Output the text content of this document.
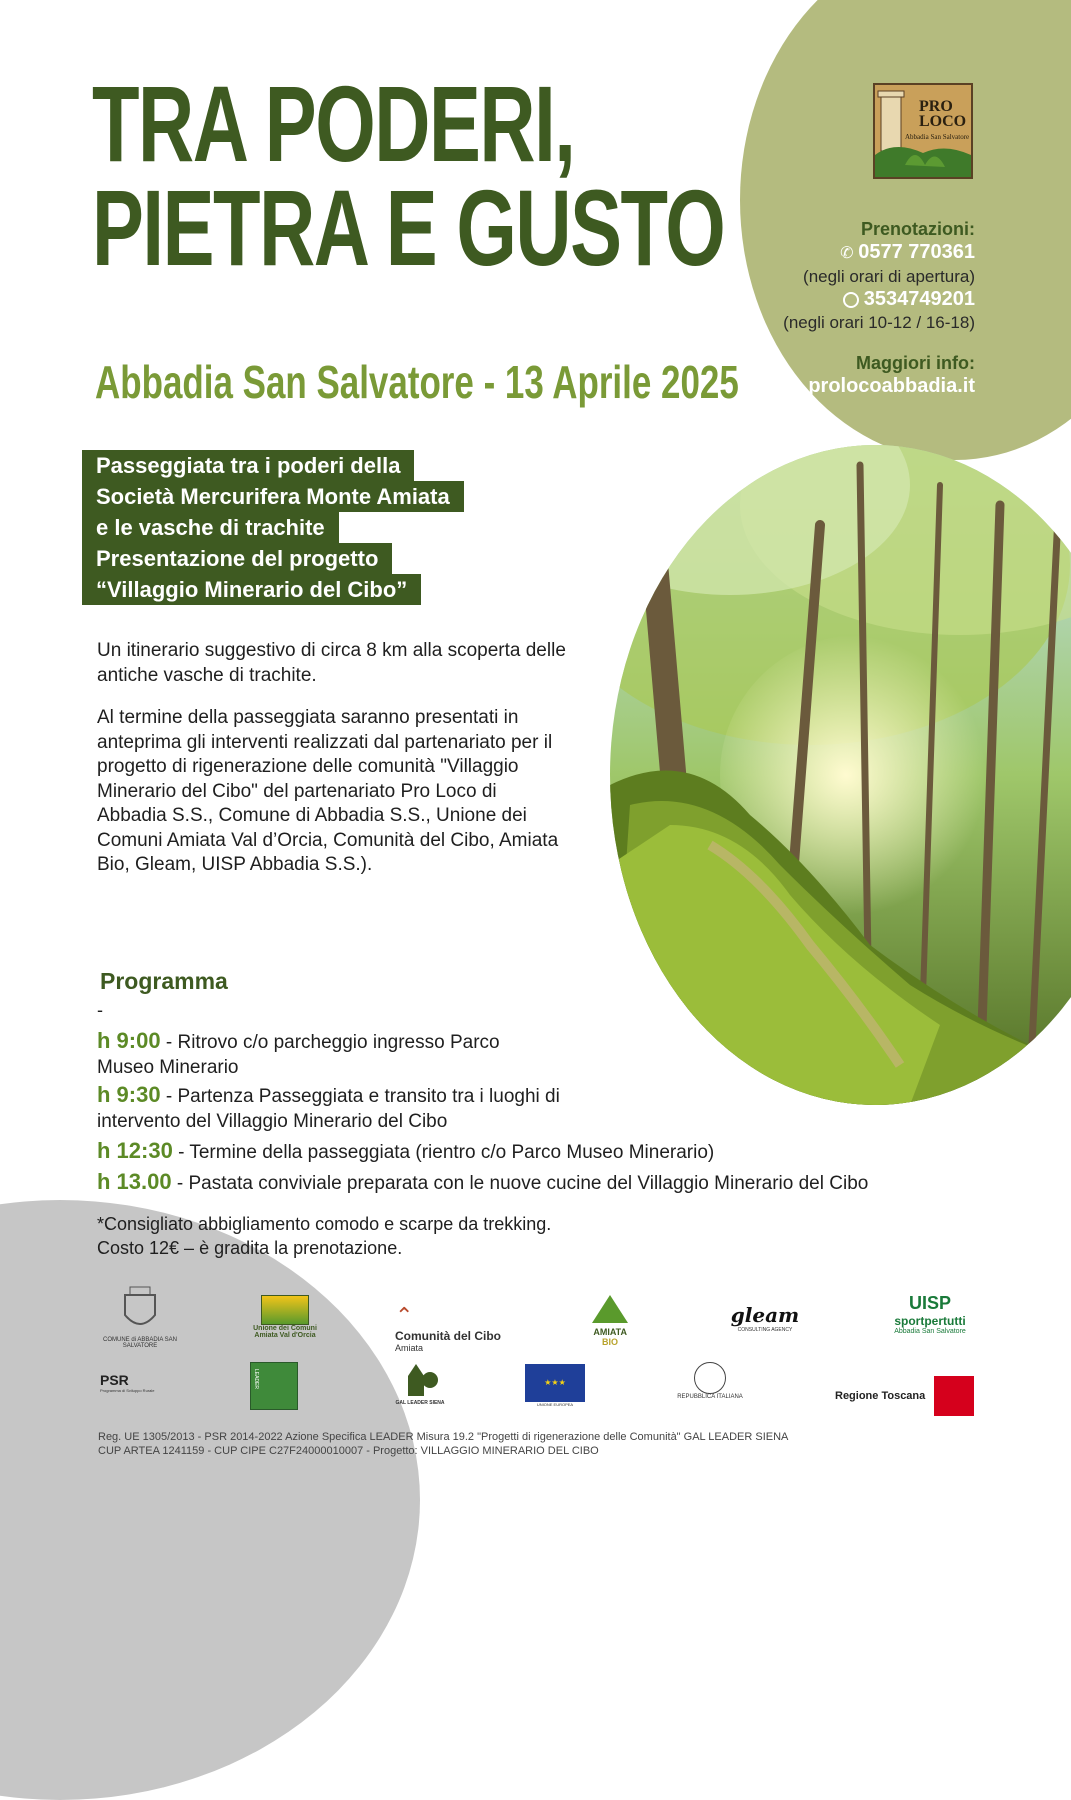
TRA PODERI,
PIETRA E GUSTO
Abbadia San Salvatore - 13 Aprile 2025
PRO
LOCO
Abbadia San Salvatore
Prenotazioni:
✆ 0577 770361
(negli orari di apertura)
3534749201
(negli orari 10-12 / 16-18)
Maggiori info:
prolocoabbadia.it
Passeggiata tra i poderi della
Società Mercurifera Monte Amiata
e le vasche di trachite
Presentazione del progetto
“Villaggio Minerario del Cibo”
Un itinerario suggestivo di circa 8 km alla scoperta delle antiche vasche di trachite.
Al termine della passeggiata saranno presentati in anteprima gli interventi realizzati dal partenariato per il progetto di rigenerazione delle comunità "Villaggio Minerario del Cibo" del partenariato Pro Loco di Abbadia S.S., Comune di Abbadia S.S., Unione dei Comuni Amiata Val d’Orcia, Comunità del Cibo, Amiata Bio, Gleam, UISP Abbadia S.S.).
Programma
-
h 9:00 - Ritrovo c/o parcheggio ingresso Parco
Museo Minerario
h 9:30 - Partenza Passeggiata e transito tra i luoghi di
intervento del Villaggio Minerario del Cibo
h 12:30 - Termine della passeggiata (rientro c/o Parco Museo Minerario)
h 13.00 - Pastata conviviale preparata con le nuove cucine del Villaggio Minerario del Cibo
*Consigliato abbigliamento comodo e scarpe da trekking.
Costo 12€ – è gradita la prenotazione.
COMUNE di ABBADIA SAN SALVATORE
Unione dei Comuni Amiata Val d'Orcia
⌃
Comunità del Cibo
Amiata
AMIATA BIO
gleam
CONSULTING AGENCY
UISP
sportpertutti
Abbadia San Salvatore
PSR
Programma di Sviluppo Rurale
LEADER
GAL LEADER SIENA
★★★
UNIONE EUROPEA
REPUBBLICA ITALIANA	Regione Toscana
Reg. UE 1305/2013 - PSR 2014-2022 Azione Specifica LEADER Misura 19.2 "Progetti di rigenerazione delle Comunità" GAL LEADER SIENA
CUP ARTEA 1241159 - CUP CIPE C27F24000010007 - Progetto: VILLAGGIO MINERARIO DEL CIBO
